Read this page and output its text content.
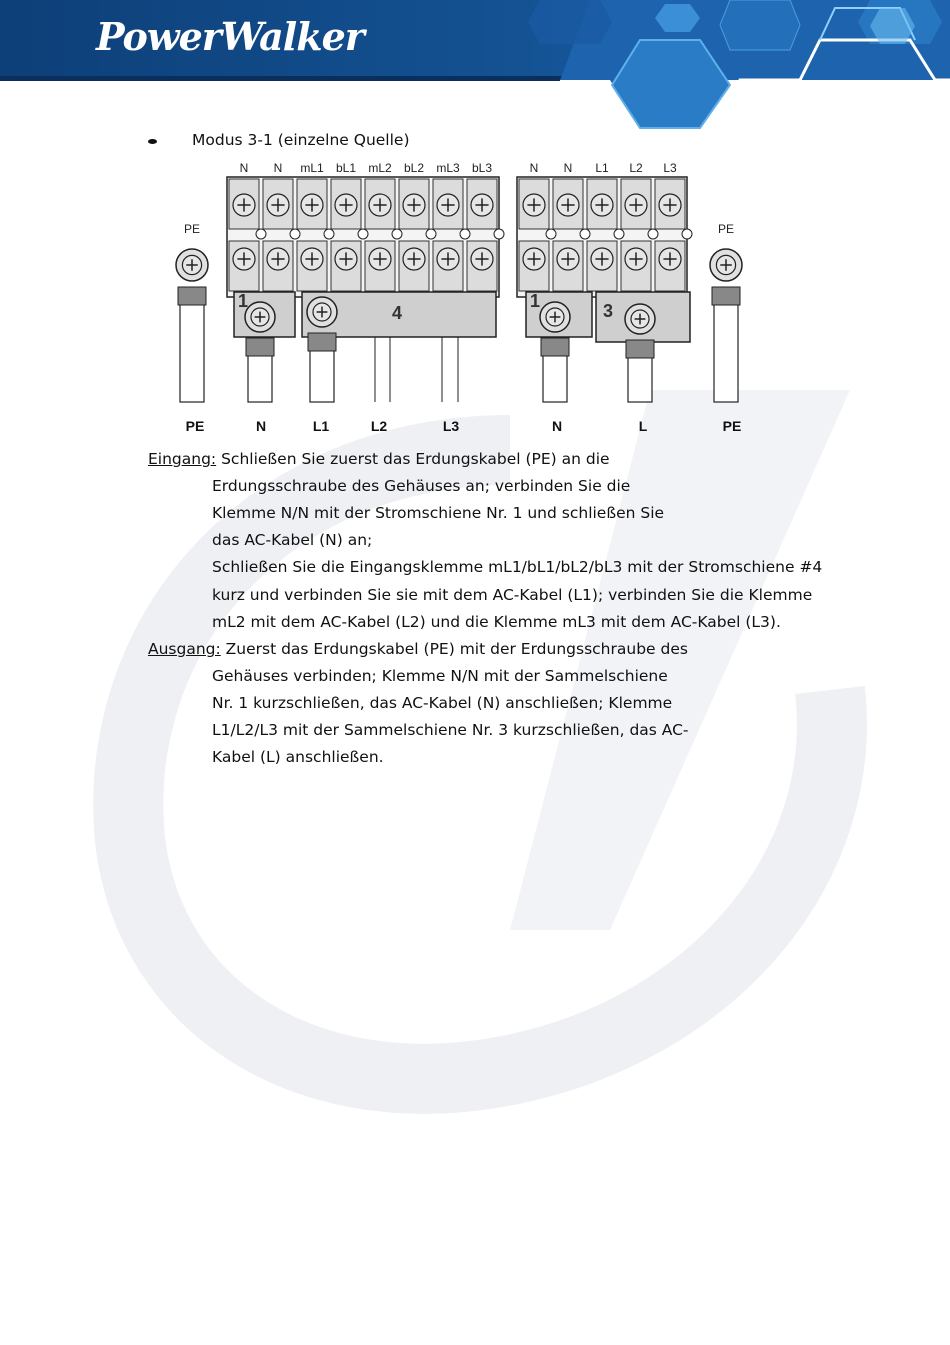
PowerWalker
Modus 3-1 (einzelne Quelle)
N N mL1 bL1 mL2 bL2 mL3 bL3	N N L1 L2 L3
1
4
1	3
PE	PE
PE	N	L1	L2	L3	N	L	PE
Eingang: Schließen Sie zuerst das Erdungskabel (PE) an die
Erdungsschraube des Gehäuses an; verbinden Sie die
Klemme N/N mit der Stromschiene Nr. 1 und schließen Sie
das AC-Kabel (N) an;
Schließen Sie die Eingangsklemme mL1/bL1/bL2/bL3 mit der Stromschiene #4
kurz und verbinden Sie sie mit dem AC-Kabel (L1); verbinden Sie die Klemme
mL2 mit dem AC-Kabel (L2) und die Klemme mL3 mit dem AC-Kabel (L3).
Ausgang: Zuerst das Erdungskabel (PE) mit der Erdungsschraube des
Gehäuses verbinden; Klemme N/N mit der Sammelschiene
Nr. 1 kurzschließen, das AC-Kabel (N) anschließen; Klemme
L1/L2/L3 mit der Sammelschiene Nr. 3 kurzschließen, das AC-
Kabel (L) anschließen.
